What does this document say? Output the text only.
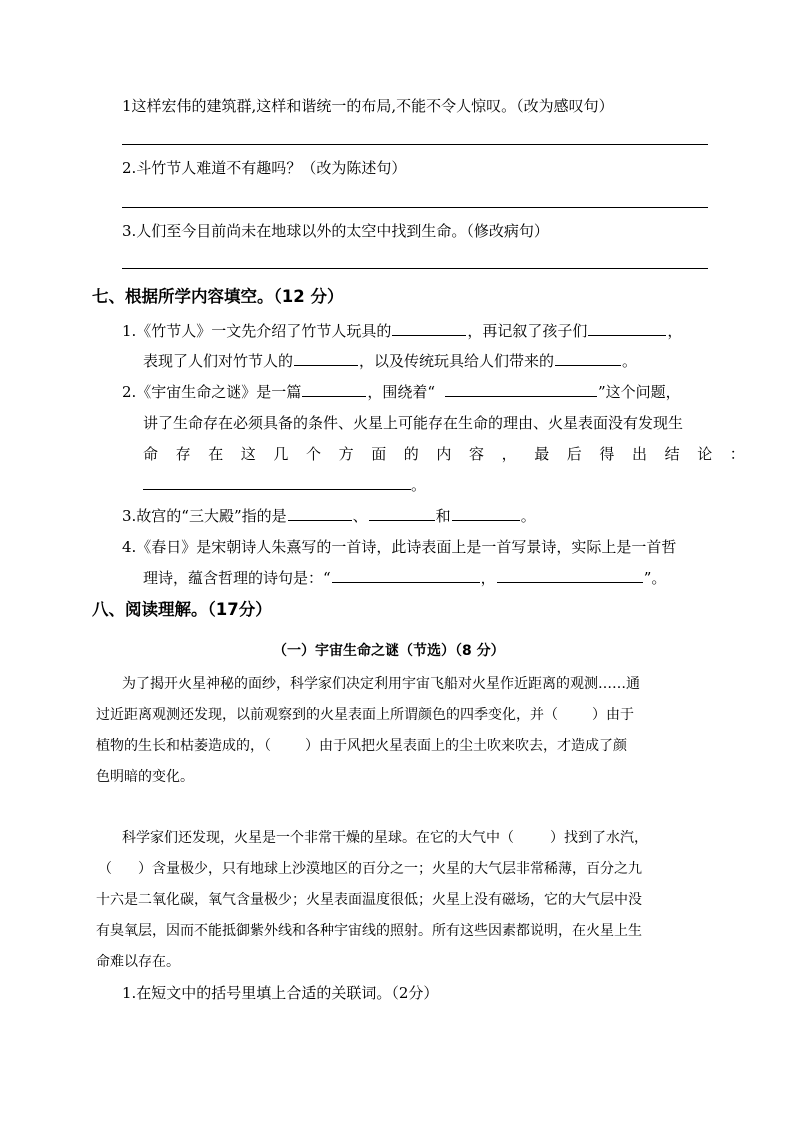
1这样宏伟的建筑群,这样和谐统一的布局,不能不令人惊叹。（改为感叹句）
2.斗竹节人难道不有趣吗？（改为陈述句）
3.人们至今目前尚未在地球以外的太空中找到生命。（修改病句）
七、根据所学内容填空。（12 分）
1.《竹节人》一文先介绍了竹节人玩具的	，再记叙了孩子们	，
表现了人们对竹节人的	，以及传统玩具给人们带来的	。
2.《宇宙生命之谜》是一篇	，围绕着“	”这个问题，
讲了生命存在必须具备的条件、火星上可能存在生命的理由、火星表面没有发现生
命存在这几个方面的内容，最后得出结论：
。
3.故宫的“三大殿”指的是	、	和	。
4.《春日》是宋朝诗人朱熹写的一首诗，此诗表面上是一首写景诗，实际上是一首哲
理诗，蕴含哲理的诗句是：“	，	”。
八、阅读理解。（17分）
（一）宇宙生命之谜（节选）（8 分）
为了揭开火星神秘的面纱，科学家们决定利用宇宙飞船对火星作近距离的观测……通
过近距离观测还发现，以前观察到的火星表面上所谓颜色的四季变化，并（ ）由于
植物的生长和枯萎造成的，（ ）由于风把火星表面上的尘土吹来吹去，才造成了颜
色明暗的变化。
科学家们还发现，火星是一个非常干燥的星球。在它的大气中（	）找到了水汽，
（ ）含量极少，只有地球上沙漠地区的百分之一；火星的大气层非常稀薄，百分之九
十六是二氧化碳，氧气含量极少；火星表面温度很低；火星上没有磁场，它的大气层中没
有臭氧层，因而不能抵御紫外线和各种宇宙线的照射。所有这些因素都说明，在火星上生
命难以存在。
1.在短文中的括号里填上合适的关联词。（2分）
